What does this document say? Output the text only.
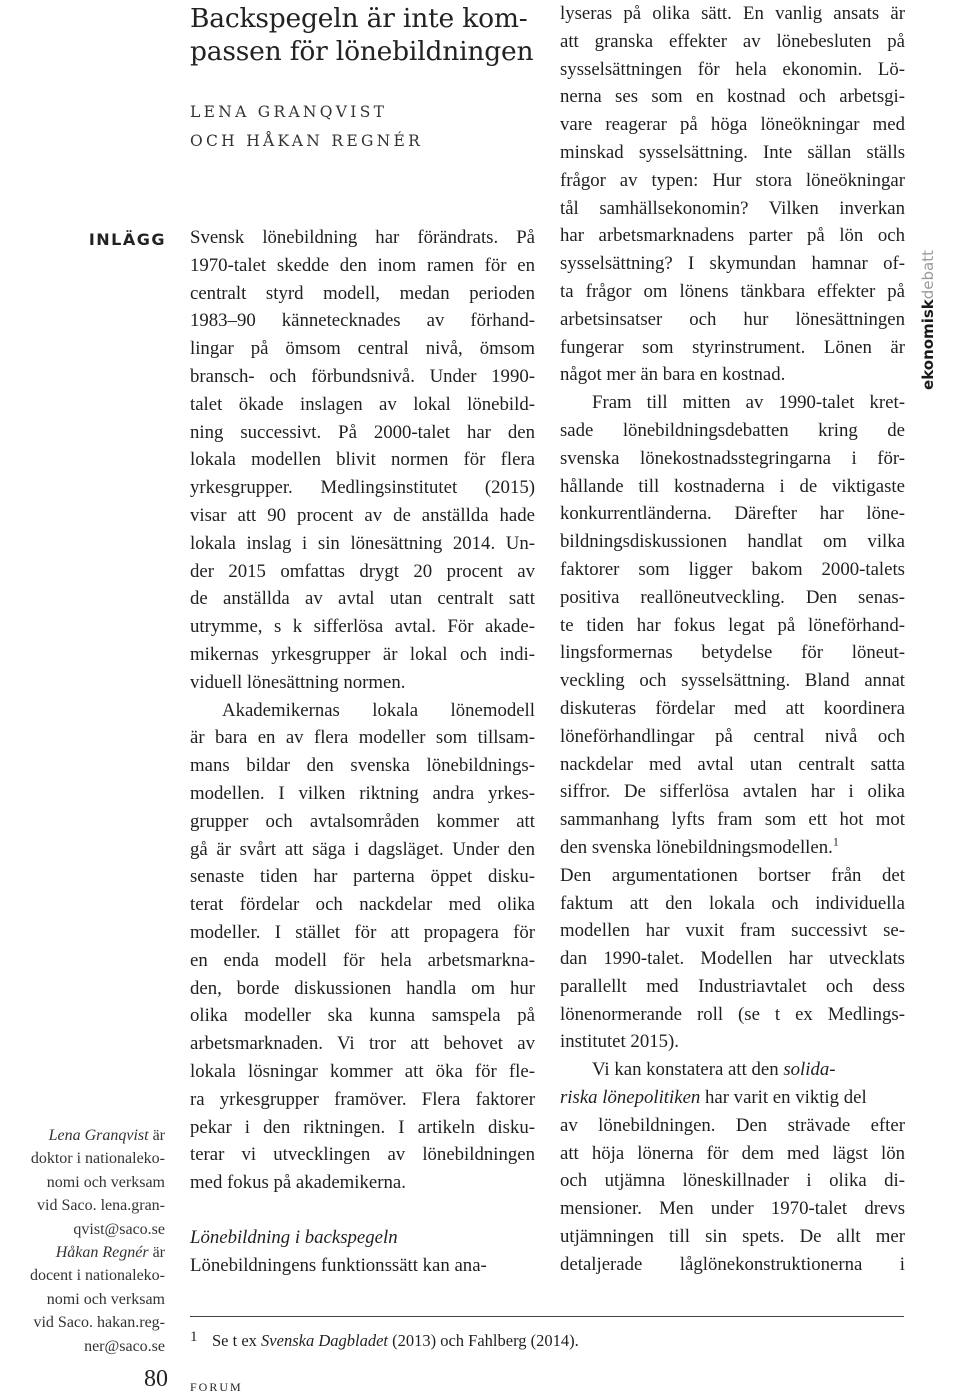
Backspegeln är inte kom-
passen för lönebildningen
LENA GRANQVIST
OCH HÅKAN REGNÉR
INLÄGG
ekonomiskdebatt
Lena Granqvist är
doktor i nationaleko-
nomi och verksam
vid Saco. lena.gran-
qvist@saco.se
Håkan Regnér är
docent i nationaleko-
nomi och verksam
vid Saco. hakan.reg-
ner@saco.se
Svensk lönebildning har förändrats. På
1970-talet skedde den inom ramen för en
centralt styrd modell, medan perioden
1983–90 kännetecknades av förhand-
lingar på ömsom central nivå, ömsom
bransch- och förbundsnivå. Under 1990-
talet ökade inslagen av lokal lönebild-
ning successivt. På 2000-talet har den
lokala modellen blivit normen för flera
yrkesgrupper. Medlingsinstitutet (2015)
visar att 90 procent av de anställda hade
lokala inslag i sin lönesättning 2014. Un-
der 2015 omfattas drygt 20 procent av
de anställda av avtal utan centralt satt
utrymme, s k sifferlösa avtal. För akade-
mikernas yrkesgrupper är lokal och indi-
viduell lönesättning normen.
Akademikernas lokala lönemodell
är bara en av flera modeller som tillsam-
mans bildar den svenska lönebildnings-
modellen. I vilken riktning andra yrkes-
grupper och avtalsområden kommer att
gå är svårt att säga i dagsläget. Under den
senaste tiden har parterna öppet disku-
terat fördelar och nackdelar med olika
modeller. I stället för att propagera för
en enda modell för hela arbetsmarkna-
den, borde diskussionen handla om hur
olika modeller ska kunna samspela på
arbetsmarknaden. Vi tror att behovet av
lokala lösningar kommer att öka för fle-
ra yrkesgrupper framöver. Flera faktorer
pekar i den riktningen. I artikeln disku-
terar vi utvecklingen av lönebildningen
med fokus på akademikerna.
Lönebildning i backspegeln
Lönebildningens funktionssätt kan ana-
lyseras på olika sätt. En vanlig ansats är
att granska effekter av lönebesluten på
sysselsättningen för hela ekonomin. Lö-
nerna ses som en kostnad och arbetsgi-
vare reagerar på höga löneökningar med
minskad sysselsättning. Inte sällan ställs
frågor av typen: Hur stora löneökningar
tål samhällsekonomin? Vilken inverkan
har arbetsmarknadens parter på lön och
sysselsättning? I skymundan hamnar of-
ta frågor om lönens tänkbara effekter på
arbetsinsatser och hur lönesättningen
fungerar som styrinstrument. Lönen är
något mer än bara en kostnad.
Fram till mitten av 1990-talet kret-
sade lönebildningsdebatten kring de
svenska lönekostnadsstegringarna i för-
hållande till kostnaderna i de viktigaste
konkurrentländerna. Därefter har löne-
bildningsdiskussionen handlat om vilka
faktorer som ligger bakom 2000-talets
positiva reallöneutveckling. Den senas-
te tiden har fokus legat på löneförhand-
lingsformernas betydelse för löneut-
veckling och sysselsättning. Bland annat
diskuteras fördelar med att koordinera
löneförhandlingar på central nivå och
nackdelar med avtal utan centralt satta
siffror. De sifferlösa avtalen har i olika
sammanhang lyfts fram som ett hot mot
den svenska lönebildningsmodellen.$^1$
Den argumentationen bortser från det
faktum att den lokala och individuella
modellen har vuxit fram successivt se-
dan 1990-talet. Modellen har utvecklats
parallellt med Industriavtalet och dess
lönenormerande roll (se t ex Medlings-
institutet 2015).
Vi kan konstatera att den solida-
riska lönepolitiken har varit en viktig del
av lönebildningen. Den strävade efter
att höja lönerna för dem med lägst lön
och utjämna löneskillnader i olika di-
mensioner. Men under 1970-talet drevs
utjämningen till sin spets. De allt mer
detaljerade låglönekonstruktionerna i
1 Se t ex Svenska Dagbladet (2013) och Fahlberg (2014).
80 FORUM
